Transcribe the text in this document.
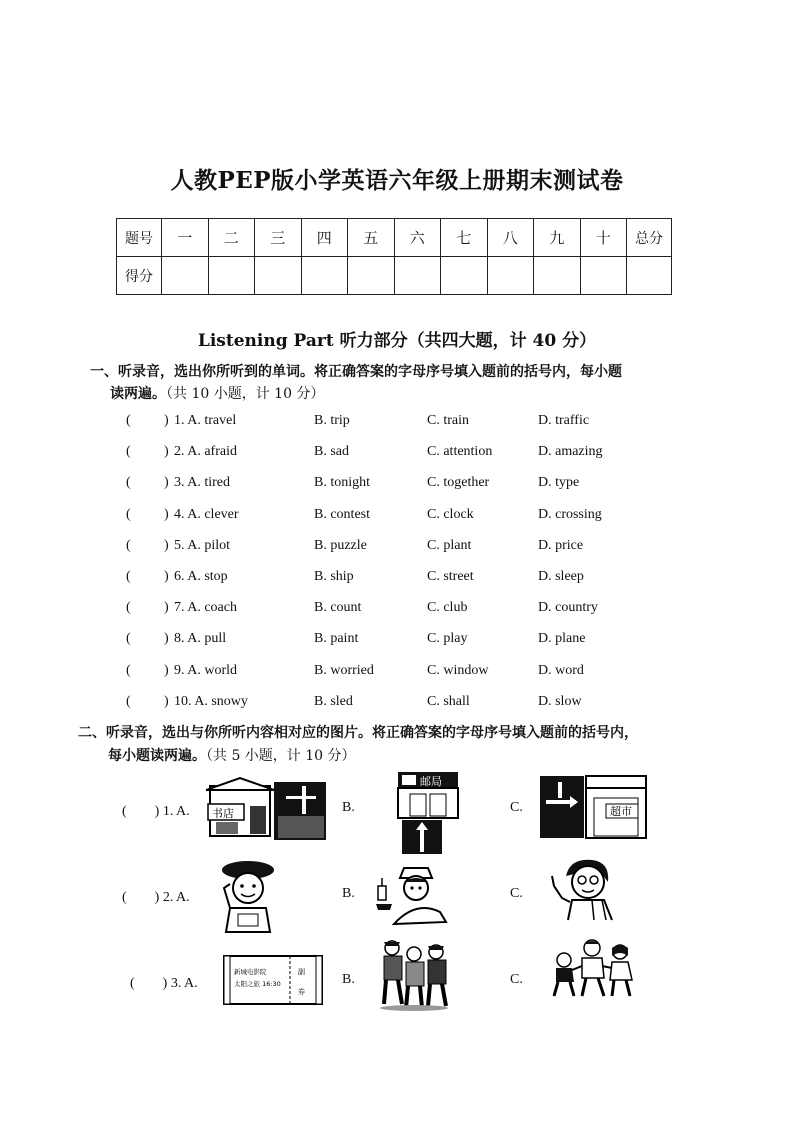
人教PEP版小学英语六年级上册期末测试卷
题号	一	二	三	四	五	六	七	八	九	十	总分
得分											
Listening Part 听力部分（共四大题，计 40 分）
一、听录音，选出你所听到的单词。将正确答案的字母序号填入题前的括号内，每小题
读两遍。（共 10 小题，计 10 分）
( ) 1. A. travel	B. trip	C. train	D. traffic
( ) 2. A. afraid	B. sad	C. attention	D. amazing
( ) 3. A. tired	B. tonight	C. together	D. type
( ) 4. A. clever	B. contest	C. clock	D. crossing
( ) 5. A. pilot	B. puzzle	C. plant	D. price
( ) 6. A. stop	B. ship	C. street	D. sleep
( ) 7. A. coach	B. count	C. club	D. country
( ) 8. A. pull	B. paint	C. play	D. plane
( ) 9. A. world	B. worried	C. window	D. word
( ) 10. A. snowy	B. sled	C. shall	D. slow
二、听录音，选出与你所听内容相对应的图片。将正确答案的字母序号填入题前的括号内，
每小题读两遍。（共 5 小题，计 10 分）
(　　) 1. A. 书店	B.
邮局
C.	超市
(　　) 2. A.	B.	C.
(　　) 3. A.
新城电影院
太阳之旅 16:30
副
券
B.	C.
